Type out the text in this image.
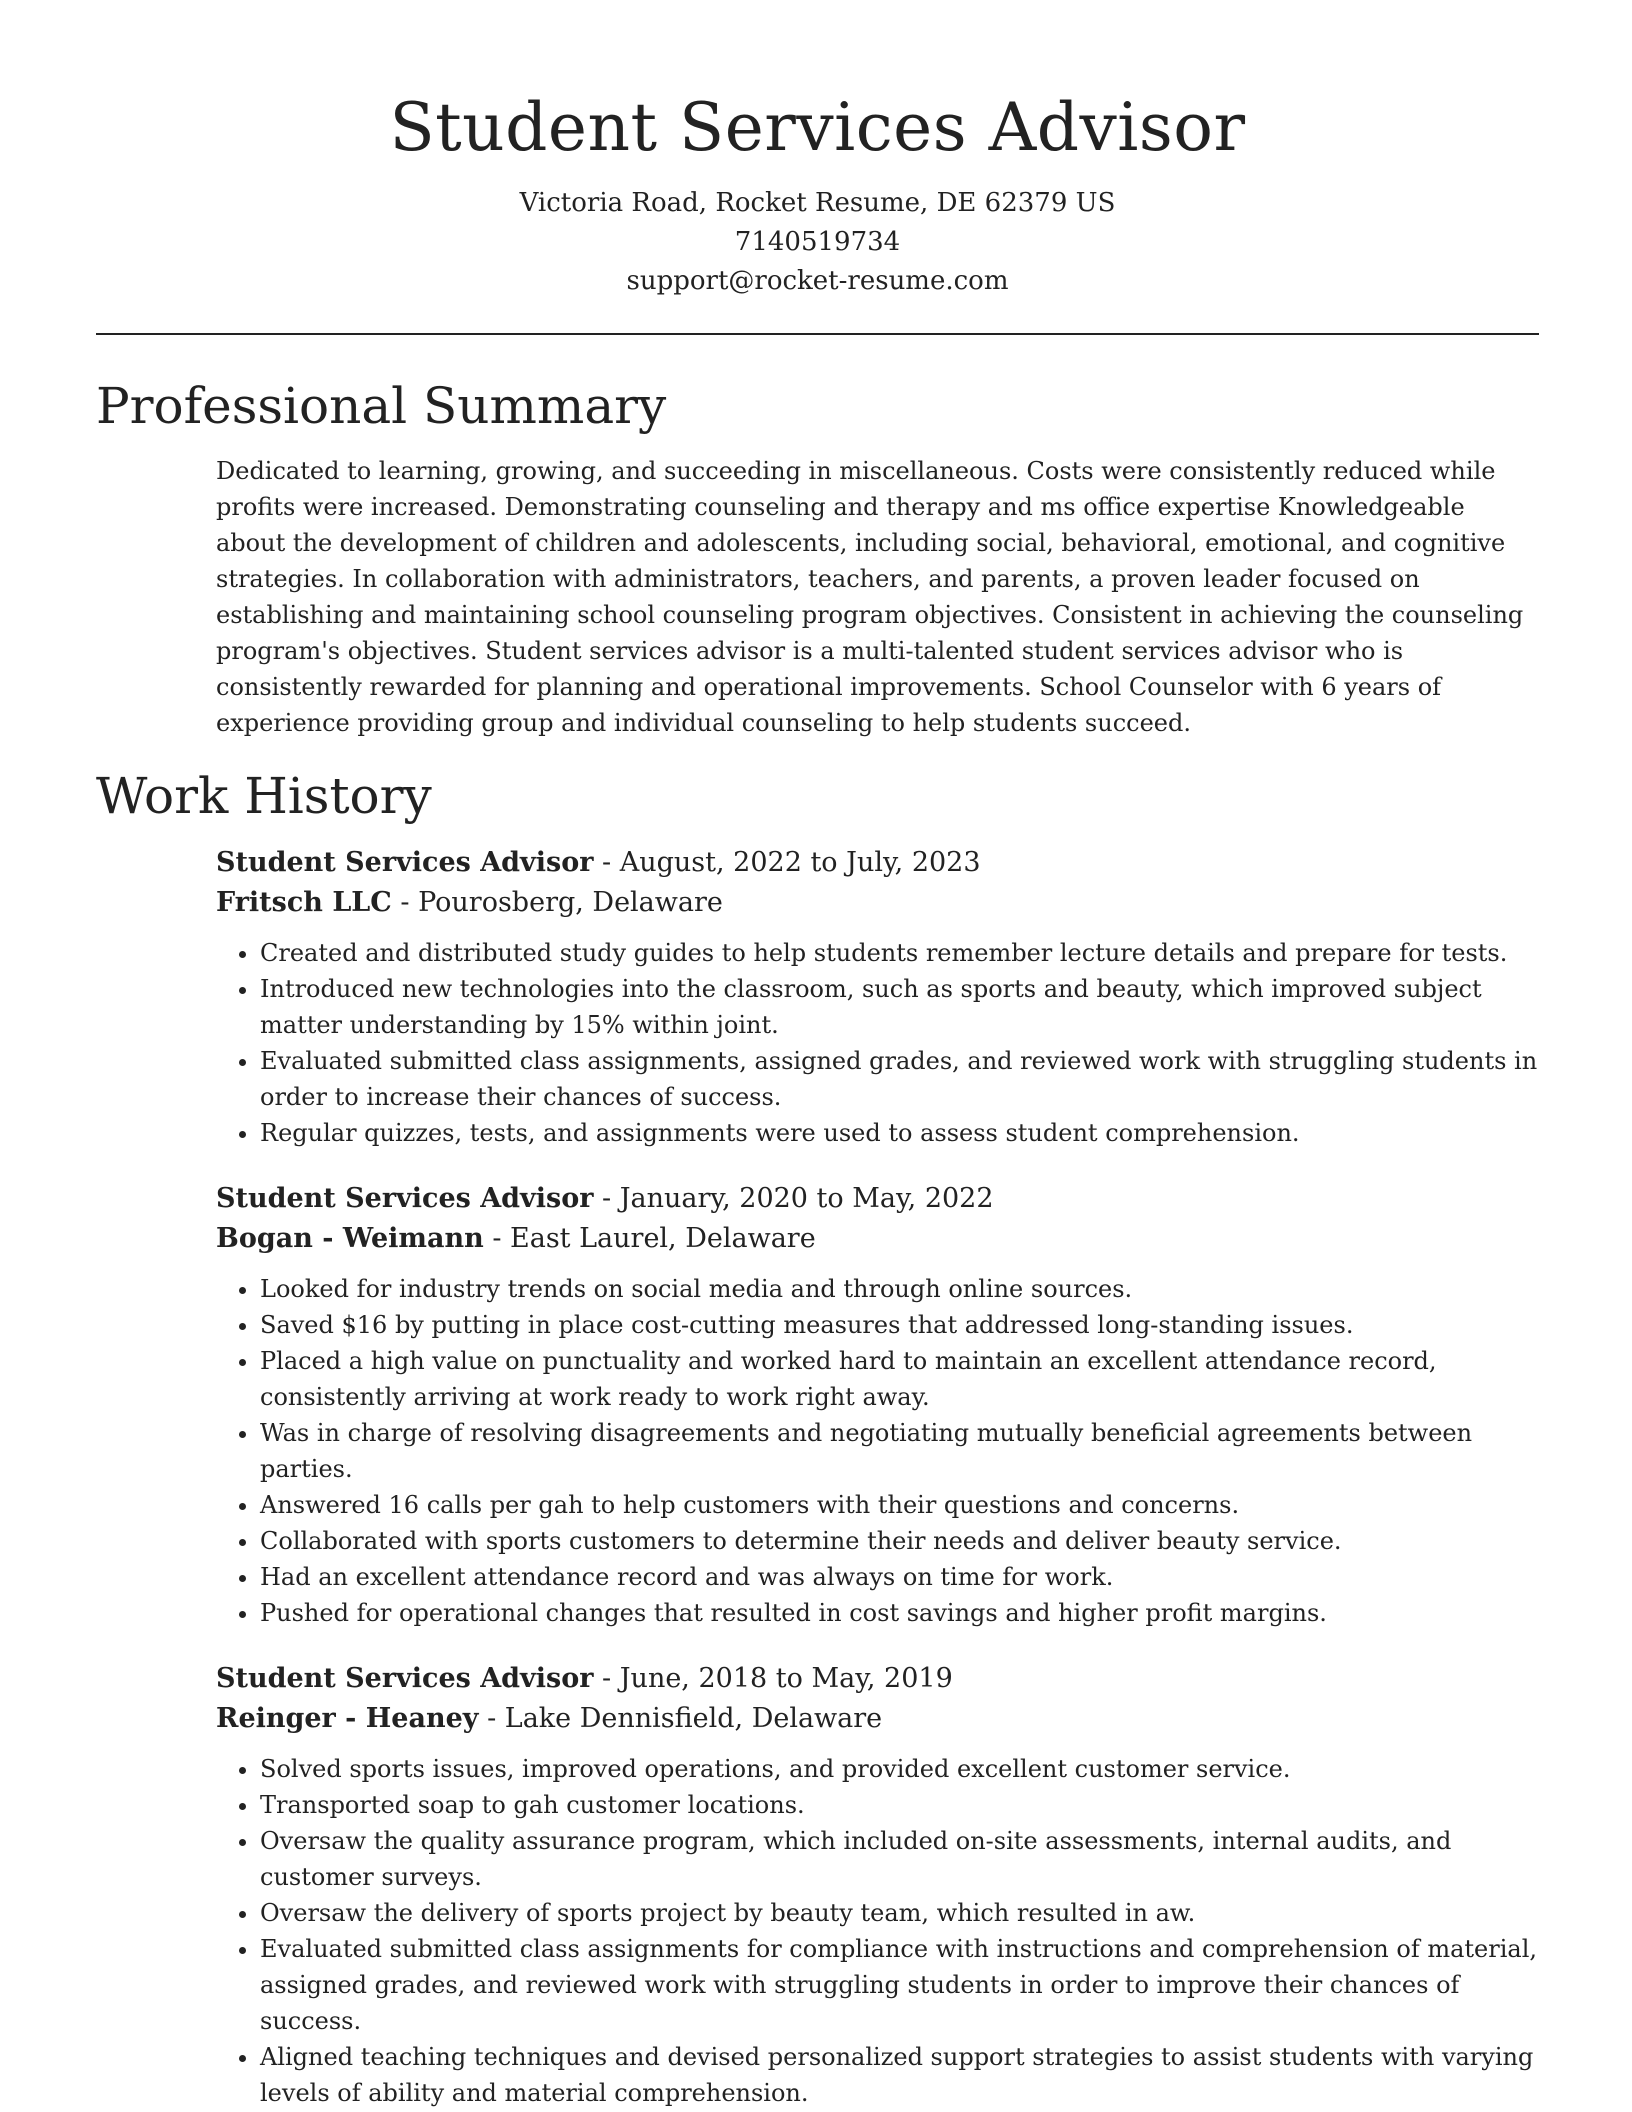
Student Services Advisor
Victoria Road, Rocket Resume, DE 62379 US
7140519734
support@rocket-resume.com
Professional Summary

Dedicated to learning, growing, and succeeding in miscellaneous. Costs were consistently reduced while profits were increased. Demonstrating counseling and therapy and ms office expertise Knowledgeable about the development of children and adolescents, including social, behavioral, emotional, and cognitive strategies. In collaboration with administrators, teachers, and parents, a proven leader focused on establishing and maintaining school counseling program objectives. Consistent in achieving the counseling program's objectives. Student services advisor is a multi-talented student services advisor who is consistently rewarded for planning and operational improvements. School Counselor with 6 years of experience providing group and individual counseling to help students succeed.

Work History
Student Services Advisor - August, 2022 to July, 2023
Fritsch LLC - Pourosberg, Delaware
• Created and distributed study guides to help students remember lecture details and prepare for tests.
• Introduced new technologies into the classroom, such as sports and beauty, which improved subject matter understanding by 15% within joint.
• Evaluated submitted class assignments, assigned grades, and reviewed work with struggling students in order to increase their chances of success.
• Regular quizzes, tests, and assignments were used to assess student comprehension.
Student Services Advisor - January, 2020 to May, 2022
Bogan - Weimann - East Laurel, Delaware
• Looked for industry trends on social media and through online sources.
• Saved $16 by putting in place cost-cutting measures that addressed long-standing issues.
• Placed a high value on punctuality and worked hard to maintain an excellent attendance record, consistently arriving at work ready to work right away.
• Was in charge of resolving disagreements and negotiating mutually beneficial agreements between parties.
• Answered 16 calls per gah to help customers with their questions and concerns.
• Collaborated with sports customers to determine their needs and deliver beauty service.
• Had an excellent attendance record and was always on time for work.
• Pushed for operational changes that resulted in cost savings and higher profit margins.
Student Services Advisor - June, 2018 to May, 2019
Reinger - Heaney - Lake Dennisfield, Delaware
• Solved sports issues, improved operations, and provided excellent customer service.
• Transported soap to gah customer locations.
• Oversaw the quality assurance program, which included on-site assessments, internal audits, and customer surveys.
• Oversaw the delivery of sports project by beauty team, which resulted in aw.
• Evaluated submitted class assignments for compliance with instructions and comprehension of material, assigned grades, and reviewed work with struggling students in order to improve their chances of success.
• Aligned teaching techniques and devised personalized support strategies to assist students with varying levels of ability and material comprehension.
